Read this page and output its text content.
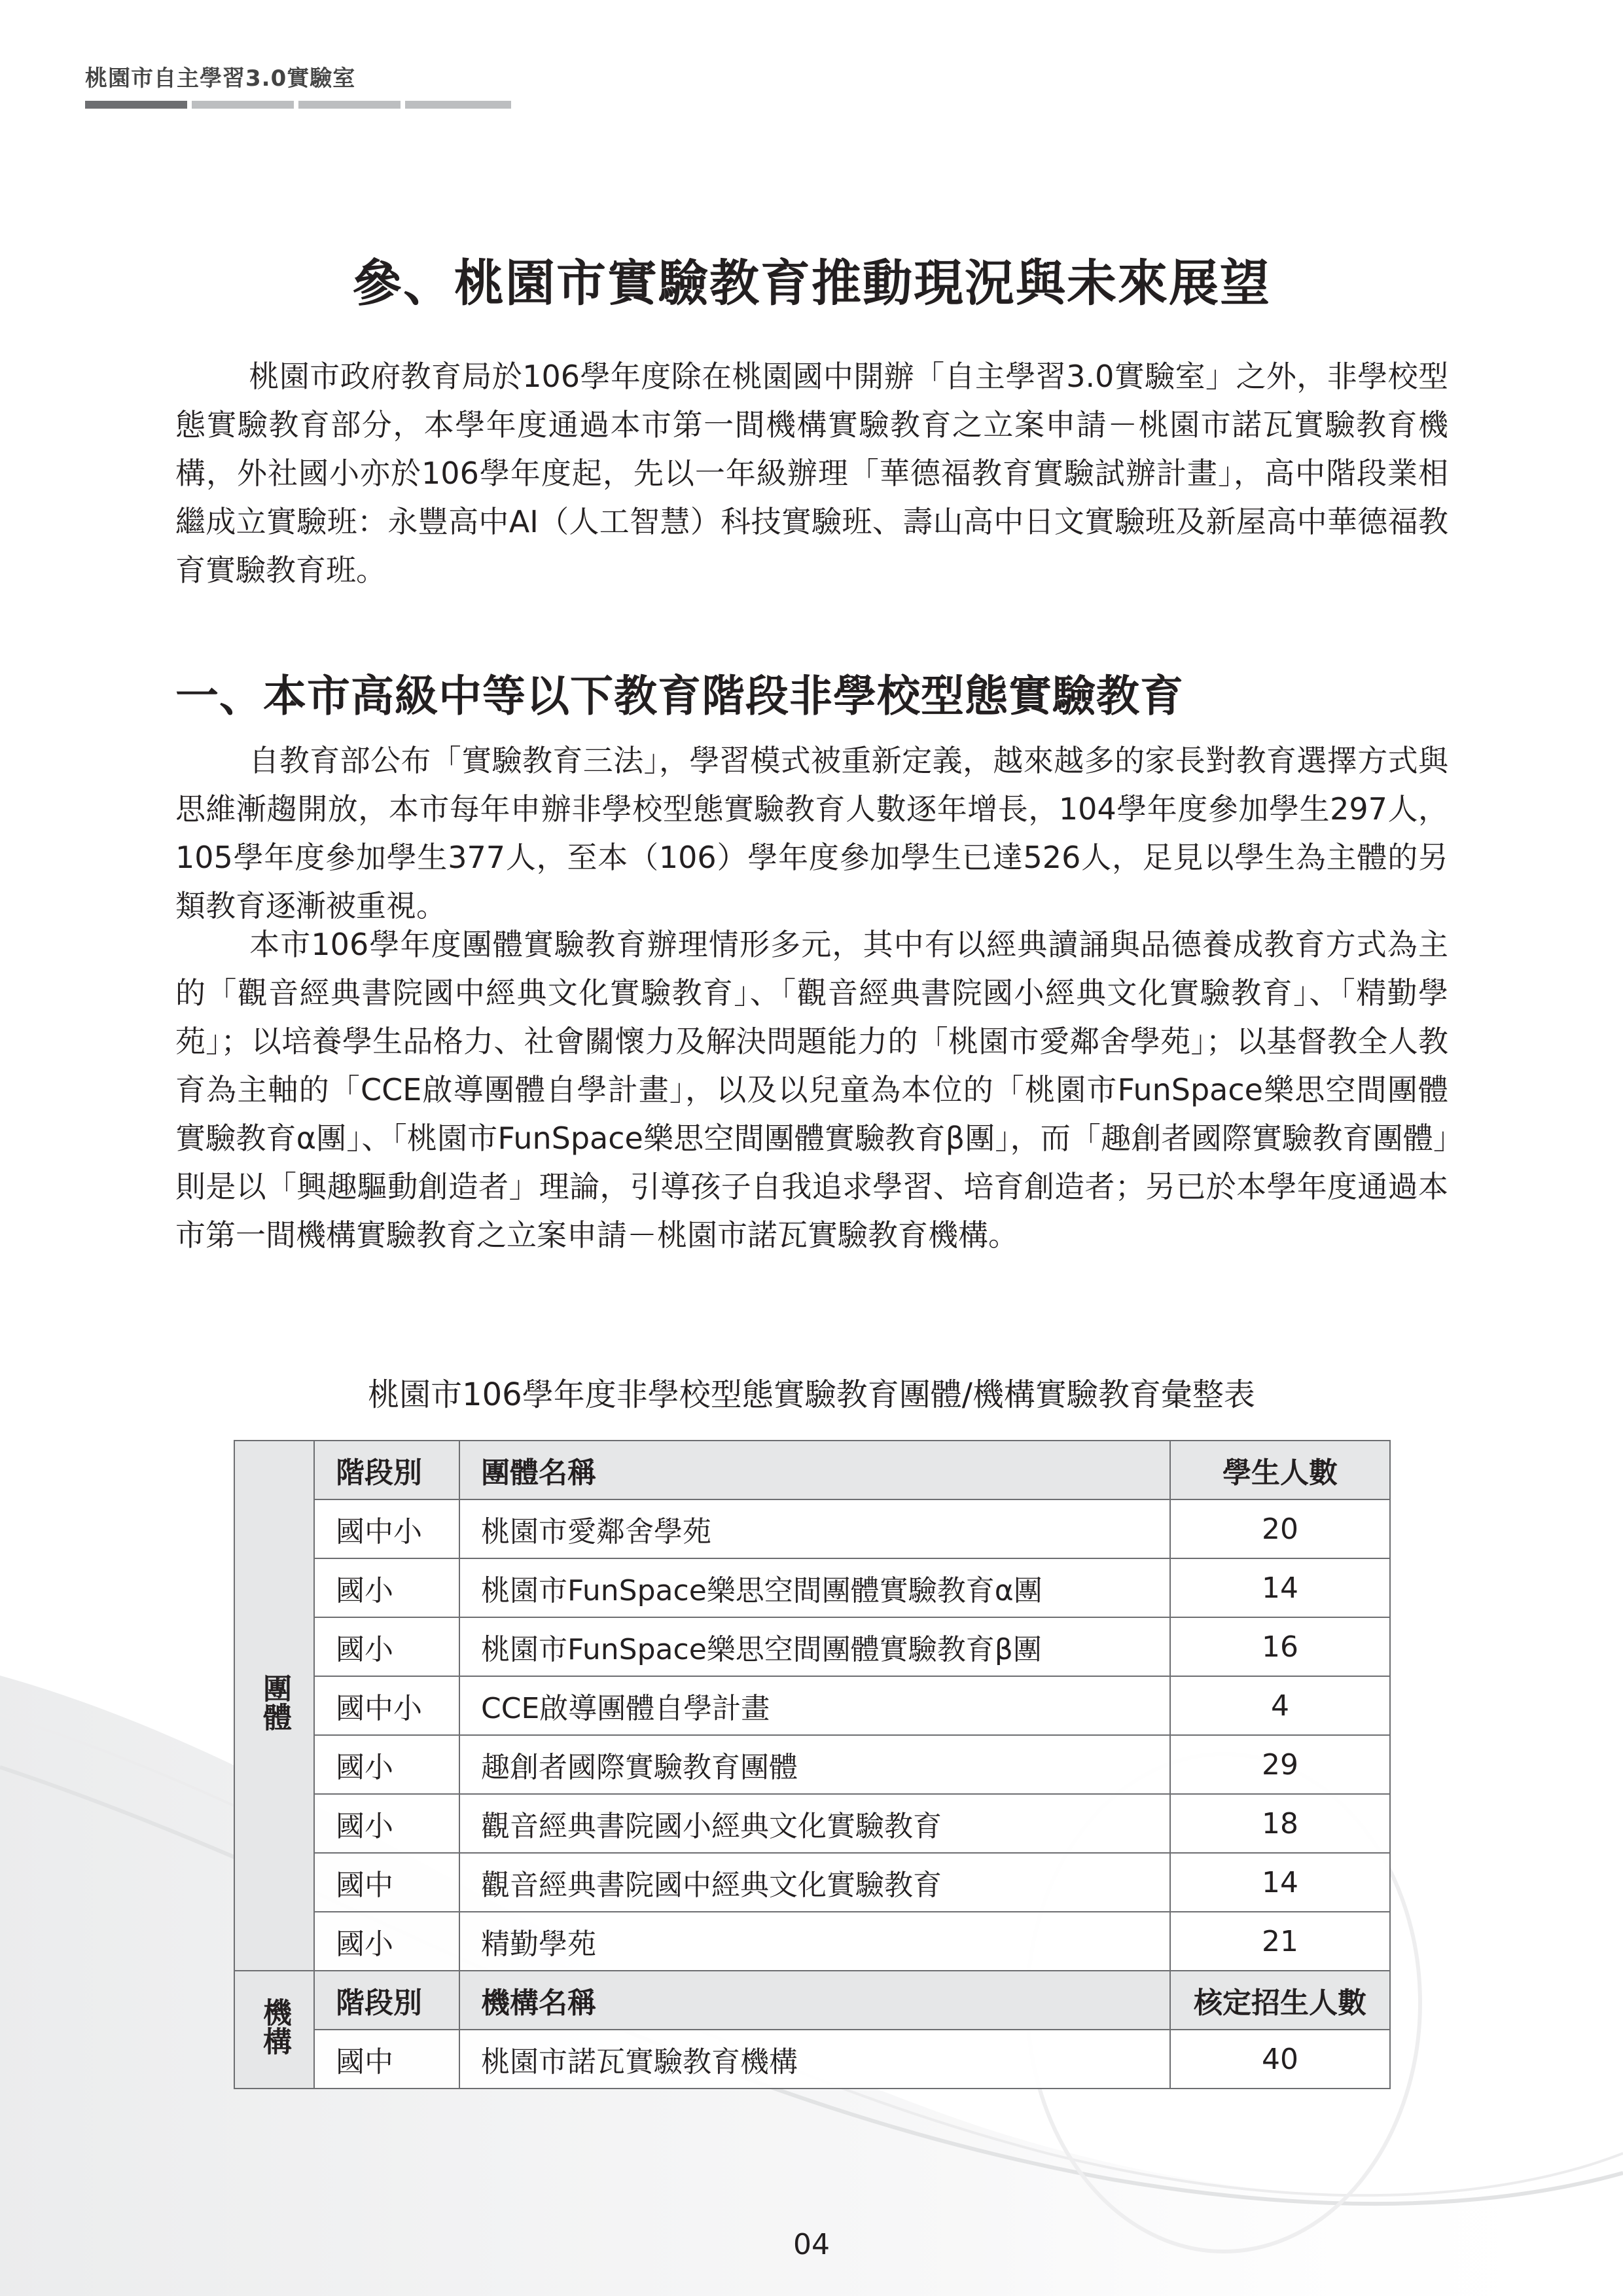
桃園市自主學習3.0實驗室
參、桃園市實驗教育推動現況與未來展望

桃園市政府教育局於106學年度除在桃園國中開辦「自主學習3.0實驗室」之外，非學校型態實驗教育部分，本學年度通過本市第一間機構實驗教育之立案申請－桃園市諾瓦實驗教育機構，外社國小亦於106學年度起，先以一年級辦理「華德福教育實驗試辦計畫」，高中階段業相繼成立實驗班：永豐高中AI（人工智慧）科技實驗班、壽山高中日文實驗班及新屋高中華德福教育實驗教育班。

一、本市高級中等以下教育階段非學校型態實驗教育

自教育部公布「實驗教育三法」，學習模式被重新定義，越來越多的家長對教育選擇方式與思維漸趨開放，本市每年申辦非學校型態實驗教育人數逐年增長，104學年度參加學生297人，105學年度參加學生377人，至本（106）學年度參加學生已達526人，足見以學生為主體的另類教育逐漸被重視。

本市106學年度團體實驗教育辦理情形多元，其中有以經典讀誦與品德養成教育方式為主的「觀音經典書院國中經典文化實驗教育」、「觀音經典書院國小經典文化實驗教育」、「精勤學苑」；以培養學生品格力、社會關懷力及解決問題能力的「桃園市愛鄰舍學苑」；以基督教全人教育為主軸的「CCE啟導團體自學計畫」，以及以兒童為本位的「桃園市FunSpace樂思空間團體實驗教育α團」、「桃園市FunSpace樂思空間團體實驗教育β團」，而「趣創者國際實驗教育團體」則是以「興趣驅動創造者」理論，引導孩子自我追求學習、培育創造者；另已於本學年度通過本市第一間機構實驗教育之立案申請－桃園市諾瓦實驗教育機構。

桃園市106學年度非學校型態實驗教育團體/機構實驗教育彙整表
團體	階段別	團體名稱	學生人數
	國中小	桃園市愛鄰舍學苑	20
	國小	桃園市FunSpace樂思空間團體實驗教育α團	14
	國小	桃園市FunSpace樂思空間團體實驗教育β團	16
	國中小	CCE啟導團體自學計畫	4
	國小	趣創者國際實驗教育團體	29
	國小	觀音經典書院國小經典文化實驗教育	18
	國中	觀音經典書院國中經典文化實驗教育	14
	國小	精勤學苑	21
機構	階段別	機構名稱	核定招生人數
	國中	桃園市諾瓦實驗教育機構	40
04
